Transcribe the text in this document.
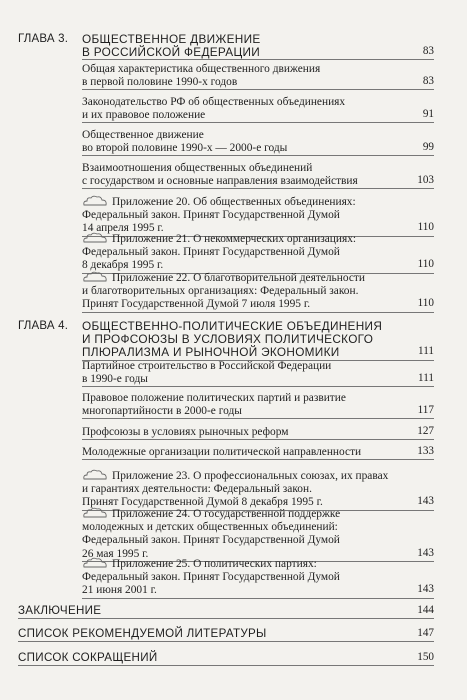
ГЛАВА 3.	ОБЩЕСТВЕННОЕ ДВИЖЕНИЕ
В РОССИЙСКОЙ ФЕДЕРАЦИИ	83
Общая характеристика общественного движения
в первой половине 1990-х годов	83
Законодательство РФ об общественных объединениях
и их правовое положение	91
Общественное движение
во второй половине 1990-х — 2000-е годы	99
Взаимоотношения общественных объединений
с государством и основные направления взаимодействия	103
Приложение 20. Об общественных объединениях:
Федеральный закон. Принят Государственной Думой
14 апреля 1995 г.	110
Приложение 21. О некоммерческих организациях:
Федеральный закон. Принят Государственной Думой
8 декабря 1995 г.	110
Приложение 22. О благотворительной деятельности
и благотворительных организациях: Федеральный закон.
Принят Государственной Думой 7 июля 1995 г.	110
ГЛАВА 4.	ОБЩЕСТВЕННО-ПОЛИТИЧЕСКИЕ ОБЪЕДИНЕНИЯ
И ПРОФСОЮЗЫ В УСЛОВИЯХ ПОЛИТИЧЕСКОГО
ПЛЮРАЛИЗМА И РЫНОЧНОЙ ЭКОНОМИКИ	111
Партийное строительство в Российской Федерации
в 1990-е годы	111
Правовое положение политических партий и развитие
многопартийности в 2000-е годы	117
Профсоюзы в условиях рыночных реформ	127
Молодежные организации политической направленности	133
Приложение 23. О профессиональных союзах, их правах
и гарантиях деятельности: Федеральный закон.
Принят Государственной Думой 8 декабря 1995 г.	143
Приложение 24. О государственной поддержке
молодежных и детских общественных объединений:
Федеральный закон. Принят Государственной Думой
26 мая 1995 г.	143
Приложение 25. О политических партиях:
Федеральный закон. Принят Государственной Думой
21 июня 2001 г.	143
ЗАКЛЮЧЕНИЕ	144
СПИСОК РЕКОМЕНДУЕМОЙ ЛИТЕРАТУРЫ	147
СПИСОК СОКРАЩЕНИЙ	150
